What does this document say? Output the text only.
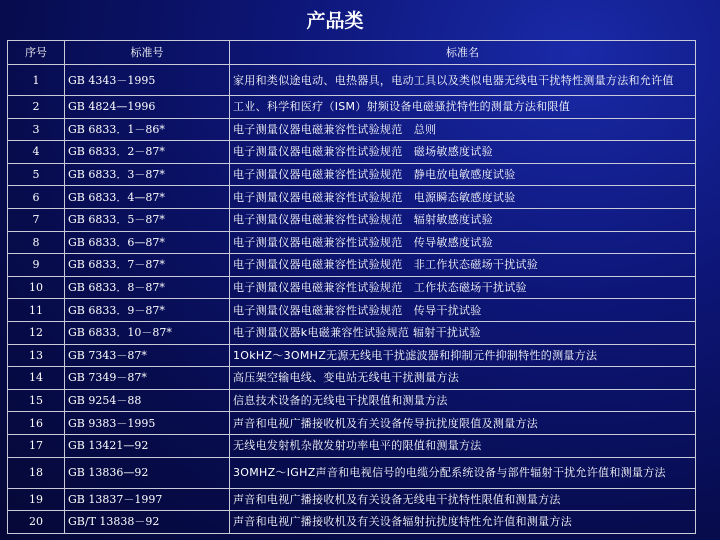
产品类
序号	标准号	标准名
1	GB 4343－1995	家用和类似途电动、电热器具，电动工具以及类似电器无线电干扰特性测量方法和允许值
2	GB 4824—1996	工业、科学和医疗（ISM）射频设备电磁骚扰特性的测量方法和限值
3	GB 6833．1－86*	电子测量仪器电磁兼容性试验规范　总则
4	GB 6833．2－87*	电子测量仪器电磁兼容性试验规范　磁场敏感度试验
5	GB 6833．3－87*	电子测量仪器电磁兼容性试验规范　静电放电敏感度试验
6	GB 6833．4—87*	电子测量仪器电磁兼容性试验规范　电源瞬态敏感度试验
7	GB 6833．5－87*	电子测量仪器电磁兼容性试验规范　辐射敏感度试验
8	GB 6833．6—87*	电子测量仪器电磁兼容性试验规范　传导敏感度试验
9	GB 6833．7－87*	电子测量仪器电磁兼容性试验规范　非工作状态磁场干扰试验
10	GB 6833．8－87*	电子测量仪器电磁兼容性试验规范　工作状态磁场干扰试验
11	GB 6833．9－87*	电子测量仪器电磁兼容性试验规范　传导干扰试验
12	GB 6833．10－87*	电子测量仪器k电磁兼容性试验规范 辐射干扰试验
13	GB 7343－87*	1OkHZ～3OMHZ无源无线电干扰滤波器和抑制元件抑制特性的测量方法
14	GB 7349－87*	高压架空输电线、变电站无线电干扰测量方法
15	GB 9254－88	信息技术设备的无线电干扰限值和测量方法
16	GB 9383－1995	声音和电视广播接收机及有关设备传导抗扰度限值及测量方法
17	GB 13421—92	无线电发射机杂散发射功率电平的限值和测量方法
18	GB 13836—92	3OMHZ～IGHZ声音和电视信号的电缆分配系统设备与部件辐射干扰允许值和测量方法
19	GB 13837－1997	声音和电视广播接收机及有关设备无线电干扰特性限值和测量方法
20	GB/T 13838－92	声音和电视广播接收机及有关设备辐射抗扰度特性允许值和测量方法
